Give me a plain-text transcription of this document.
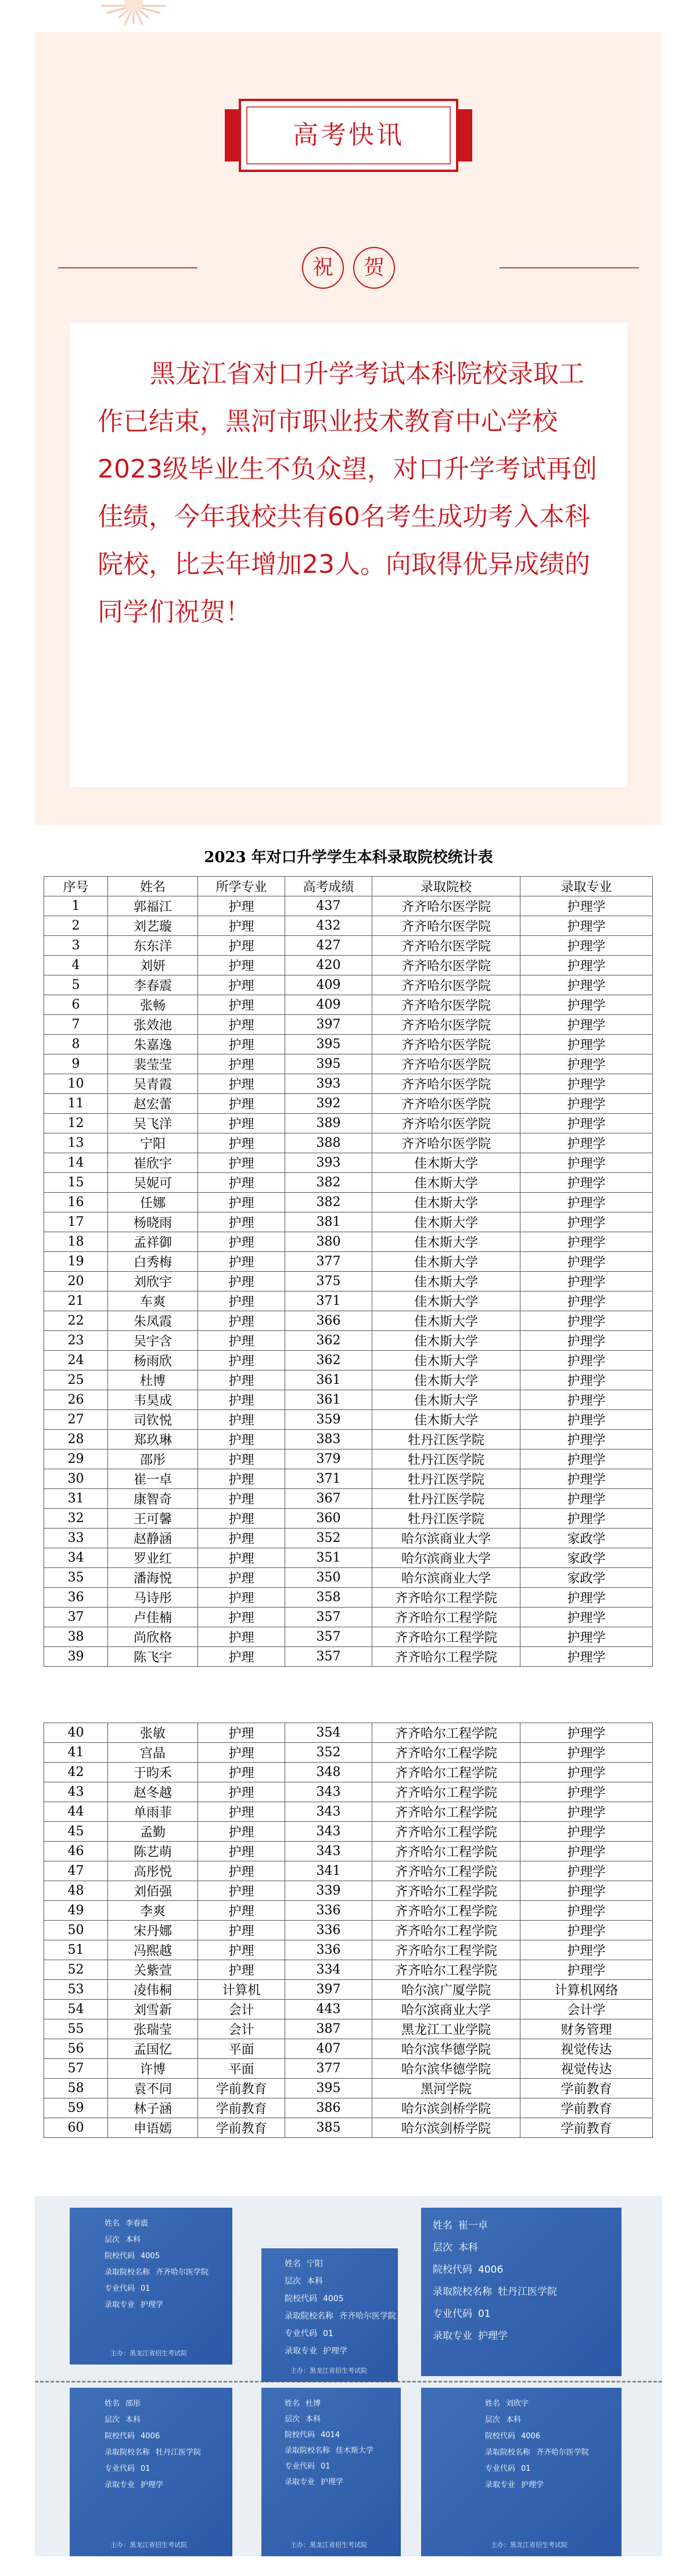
高考快讯
祝	贺

黑龙江省对口升学考试本科院校录取工作已结束，黑河市职业技术教育中心学校2023级毕业生不负众望，对口升学考试再创佳绩，今年我校共有60名考生成功考入本科院校，比去年增加23人。向取得优异成绩的同学们祝贺！

2023 年对口升学学生本科录取院校统计表
序号	姓名	所学专业	高考成绩	录取院校	录取专业
1	郭福江	护理	437	齐齐哈尔医学院	护理学
2	刘艺璇	护理	432	齐齐哈尔医学院	护理学
3	东东洋	护理	427	齐齐哈尔医学院	护理学
4	刘妍	护理	420	齐齐哈尔医学院	护理学
5	李春震	护理	409	齐齐哈尔医学院	护理学
6	张畅	护理	409	齐齐哈尔医学院	护理学
7	张效池	护理	397	齐齐哈尔医学院	护理学
8	朱嘉逸	护理	395	齐齐哈尔医学院	护理学
9	裴莹莹	护理	395	齐齐哈尔医学院	护理学
10	吴青霞	护理	393	齐齐哈尔医学院	护理学
11	赵宏蕾	护理	392	齐齐哈尔医学院	护理学
12	吴飞洋	护理	389	齐齐哈尔医学院	护理学
13	宁阳	护理	388	齐齐哈尔医学院	护理学
14	崔欣宇	护理	393	佳木斯大学	护理学
15	吴妮可	护理	382	佳木斯大学	护理学
16	任娜	护理	382	佳木斯大学	护理学
17	杨晓雨	护理	381	佳木斯大学	护理学
18	孟祥御	护理	380	佳木斯大学	护理学
19	白秀梅	护理	377	佳木斯大学	护理学
20	刘欣宇	护理	375	佳木斯大学	护理学
21	车爽	护理	371	佳木斯大学	护理学
22	朱凤霞	护理	366	佳木斯大学	护理学
23	吴宇含	护理	362	佳木斯大学	护理学
24	杨雨欣	护理	362	佳木斯大学	护理学
25	杜博	护理	361	佳木斯大学	护理学
26	韦昊成	护理	361	佳木斯大学	护理学
27	司钦悦	护理	359	佳木斯大学	护理学
28	郑玖琳	护理	383	牡丹江医学院	护理学
29	邵彤	护理	379	牡丹江医学院	护理学
30	崔一卓	护理	371	牡丹江医学院	护理学
31	康智奇	护理	367	牡丹江医学院	护理学
32	王可馨	护理	360	牡丹江医学院	护理学
33	赵静涵	护理	352	哈尔滨商业大学	家政学
34	罗业红	护理	351	哈尔滨商业大学	家政学
35	潘海悦	护理	350	哈尔滨商业大学	家政学
36	马诗彤	护理	358	齐齐哈尔工程学院	护理学
37	卢佳楠	护理	357	齐齐哈尔工程学院	护理学
38	尚欣格	护理	357	齐齐哈尔工程学院	护理学
39	陈飞宇	护理	357	齐齐哈尔工程学院	护理学
40	张敏	护理	354	齐齐哈尔工程学院	护理学
41	宫晶	护理	352	齐齐哈尔工程学院	护理学
42	于昀禾	护理	348	齐齐哈尔工程学院	护理学
43	赵冬越	护理	343	齐齐哈尔工程学院	护理学
44	单雨菲	护理	343	齐齐哈尔工程学院	护理学
45	孟勤	护理	343	齐齐哈尔工程学院	护理学
46	陈艺萌	护理	343	齐齐哈尔工程学院	护理学
47	高彤悦	护理	341	齐齐哈尔工程学院	护理学
48	刘佰强	护理	339	齐齐哈尔工程学院	护理学
49	李爽	护理	336	齐齐哈尔工程学院	护理学
50	宋丹娜	护理	336	齐齐哈尔工程学院	护理学
51	冯熙越	护理	336	齐齐哈尔工程学院	护理学
52	关紫萱	护理	334	齐齐哈尔工程学院	护理学
53	凌伟桐	计算机	397	哈尔滨广厦学院	计算机网络
54	刘雪新	会计	443	哈尔滨商业大学	会计学
55	张瑞莹	会计	387	黑龙江工业学院	财务管理
56	孟国忆	平面	407	哈尔滨华德学院	视觉传达
57	许博	平面	377	哈尔滨华德学院	视觉传达
58	袁不同	学前教育	395	黑河学院	学前教育
59	林子涵	学前教育	386	哈尔滨剑桥学院	学前教育
60	申语嫣	学前教育	385	哈尔滨剑桥学院	学前教育
姓名 李春震
层次 本科
院校代码 4005
录取院校名称 齐齐哈尔医学院
专业代码 01
录取专业 护理学
主办：黑龙江省招生考试院
姓名 宁阳
层次 本科
院校代码 4005
录取院校名称 齐齐哈尔医学院
专业代码 01
录取专业 护理学
主办：黑龙江省招生考试院
姓名 崔一卓
层次 本科
院校代码 4006
录取院校名称 牡丹江医学院
专业代码 01
录取专业 护理学
姓名 邵彤
层次 本科
院校代码 4006
录取院校名称 牡丹江医学院
专业代码 01
录取专业 护理学
主办：黑龙江省招生考试院
姓名 杜博
层次 本科
院校代码 4014
录取院校名称 佳木斯大学
专业代码 01
录取专业 护理学
主办：黑龙江省招生考试院
姓名 刘欣宇
层次 本科
院校代码 4006
录取院校名称 齐齐哈尔医学院
专业代码 01
录取专业 护理学
主办：黑龙江省招生考试院
